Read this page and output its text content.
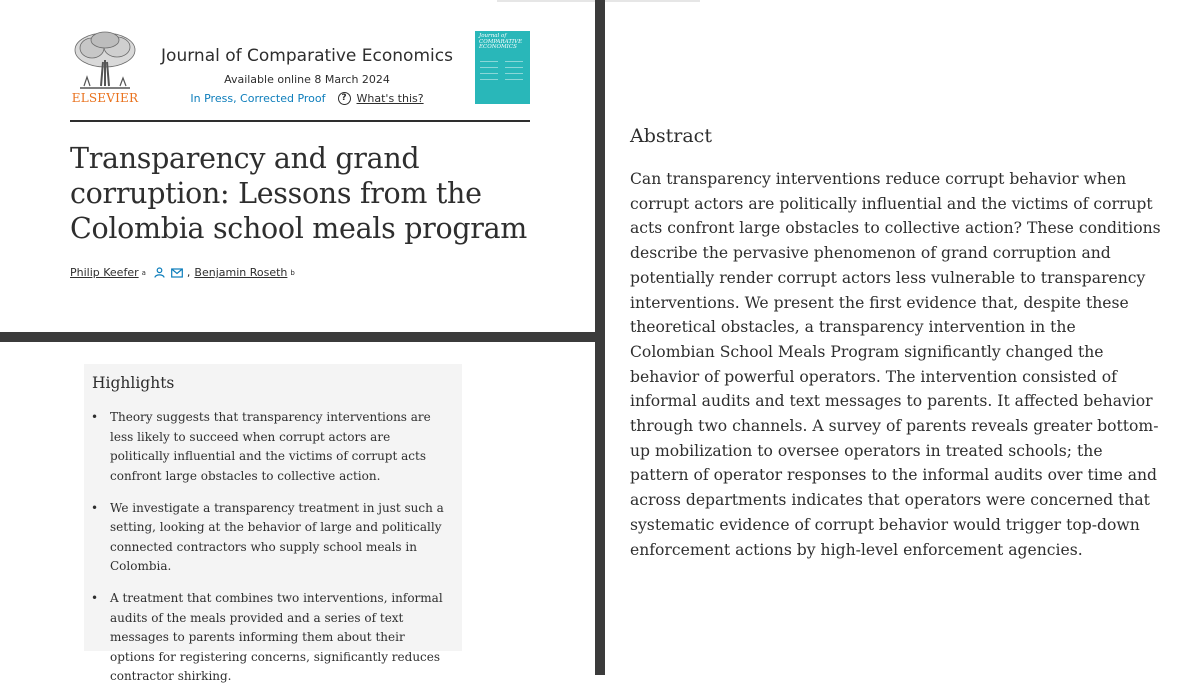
ELSEVIER
Journal of Comparative Economics
Available online 8 March 2024
In Press, Corrected Proof	? What's this?
Journal of COMPARATIVE ECONOMICS
Transparency and grand corruption: Lessons from the Colombia school meals program
Philip Keefer a	, Benjamin Roseth b
Highlights
• Theory suggests that transparency interventions are less likely to succeed when corrupt actors are politically influential and the victims of corrupt acts confront large obstacles to collective action.
• We investigate a transparency treatment in just such a setting, looking at the behavior of large and politically connected contractors who supply school meals in Colombia.
• A treatment that combines two interventions, informal audits of the meals provided and a series of text messages to parents informing them about their options for registering concerns, significantly reduces contractor shirking.
Abstract

Can transparency interventions reduce corrupt behavior when corrupt actors are politically influential and the victims of corrupt acts confront large obstacles to collective action? These conditions describe the pervasive phenomenon of grand corruption and potentially render corrupt actors less vulnerable to transparency interventions. We present the first evidence that, despite these theoretical obstacles, a transparency intervention in the Colombian School Meals Program significantly changed the behavior of powerful operators. The intervention consisted of informal audits and text messages to parents. It affected behavior through two channels. A survey of parents reveals greater bottom-up mobilization to oversee operators in treated schools; the pattern of operator responses to the informal audits over time and across departments indicates that operators were concerned that systematic evidence of corrupt behavior would trigger top-down enforcement actions by high-level enforcement agencies.
